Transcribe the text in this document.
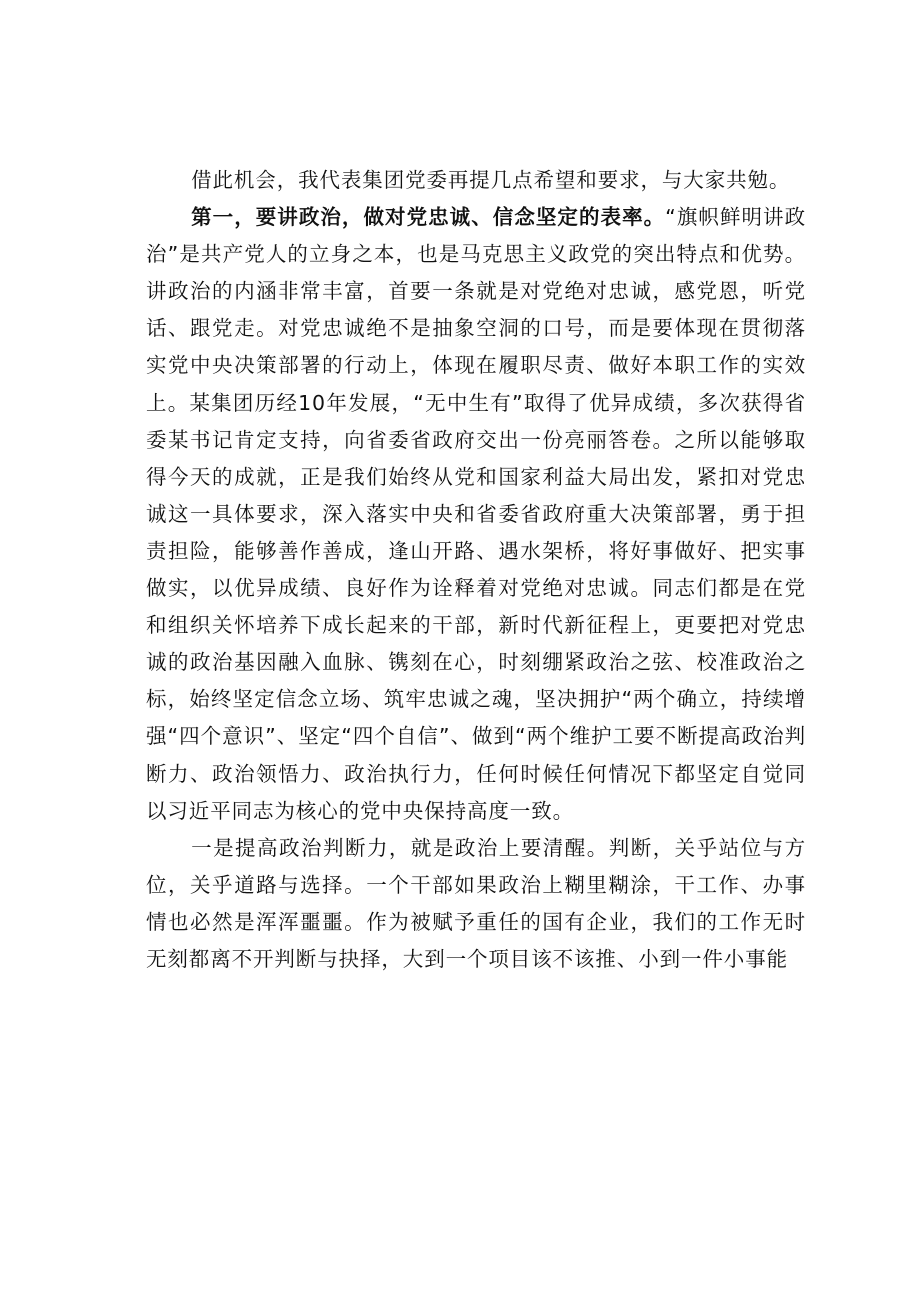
借此机会，我代表集团党委再提几点希望和要求，与大家共勉。

第一，要讲政治，做对党忠诚、信念坚定的表率。“旗帜鲜明讲政治”是共产党人的立身之本，也是马克思主义政党的突出特点和优势。讲政治的内涵非常丰富，首要一条就是对党绝对忠诚，感党恩，听党话、跟党走。对党忠诚绝不是抽象空洞的口号，而是要体现在贯彻落实党中央决策部署的行动上，体现在履职尽责、做好本职工作的实效上。某集团历经10年发展，“无中生有”取得了优异成绩，多次获得省委某书记肯定支持，向省委省政府交出一份亮丽答卷。之所以能够取得今天的成就，正是我们始终从党和国家利益大局出发，紧扣对党忠诚这一具体要求，深入落实中央和省委省政府重大决策部署，勇于担责担险，能够善作善成，逢山开路、遇水架桥，将好事做好、把实事做实，以优异成绩、良好作为诠释着对党绝对忠诚。同志们都是在党和组织关怀培养下成长起来的干部，新时代新征程上，更要把对党忠诚的政治基因融入血脉、镌刻在心，时刻绷紧政治之弦、校准政治之标，始终坚定信念立场、筑牢忠诚之魂，坚决拥护“两个确立，持续增强“四个意识”、坚定“四个自信”、做到“两个维护工要不断提高政治判断力、政治领悟力、政治执行力，任何时候任何情况下都坚定自觉同以习近平同志为核心的党中央保持高度一致。

一是提高政治判断力，就是政治上要清醒。判断，关乎站位与方位，关乎道路与选择。一个干部如果政治上糊里糊涂，干工作、办事情也必然是浑浑噩噩。作为被赋予重任的国有企业，我们的工作无时无刻都离不开判断与抉择，大到一个项目该不该推、小到一件小事能
